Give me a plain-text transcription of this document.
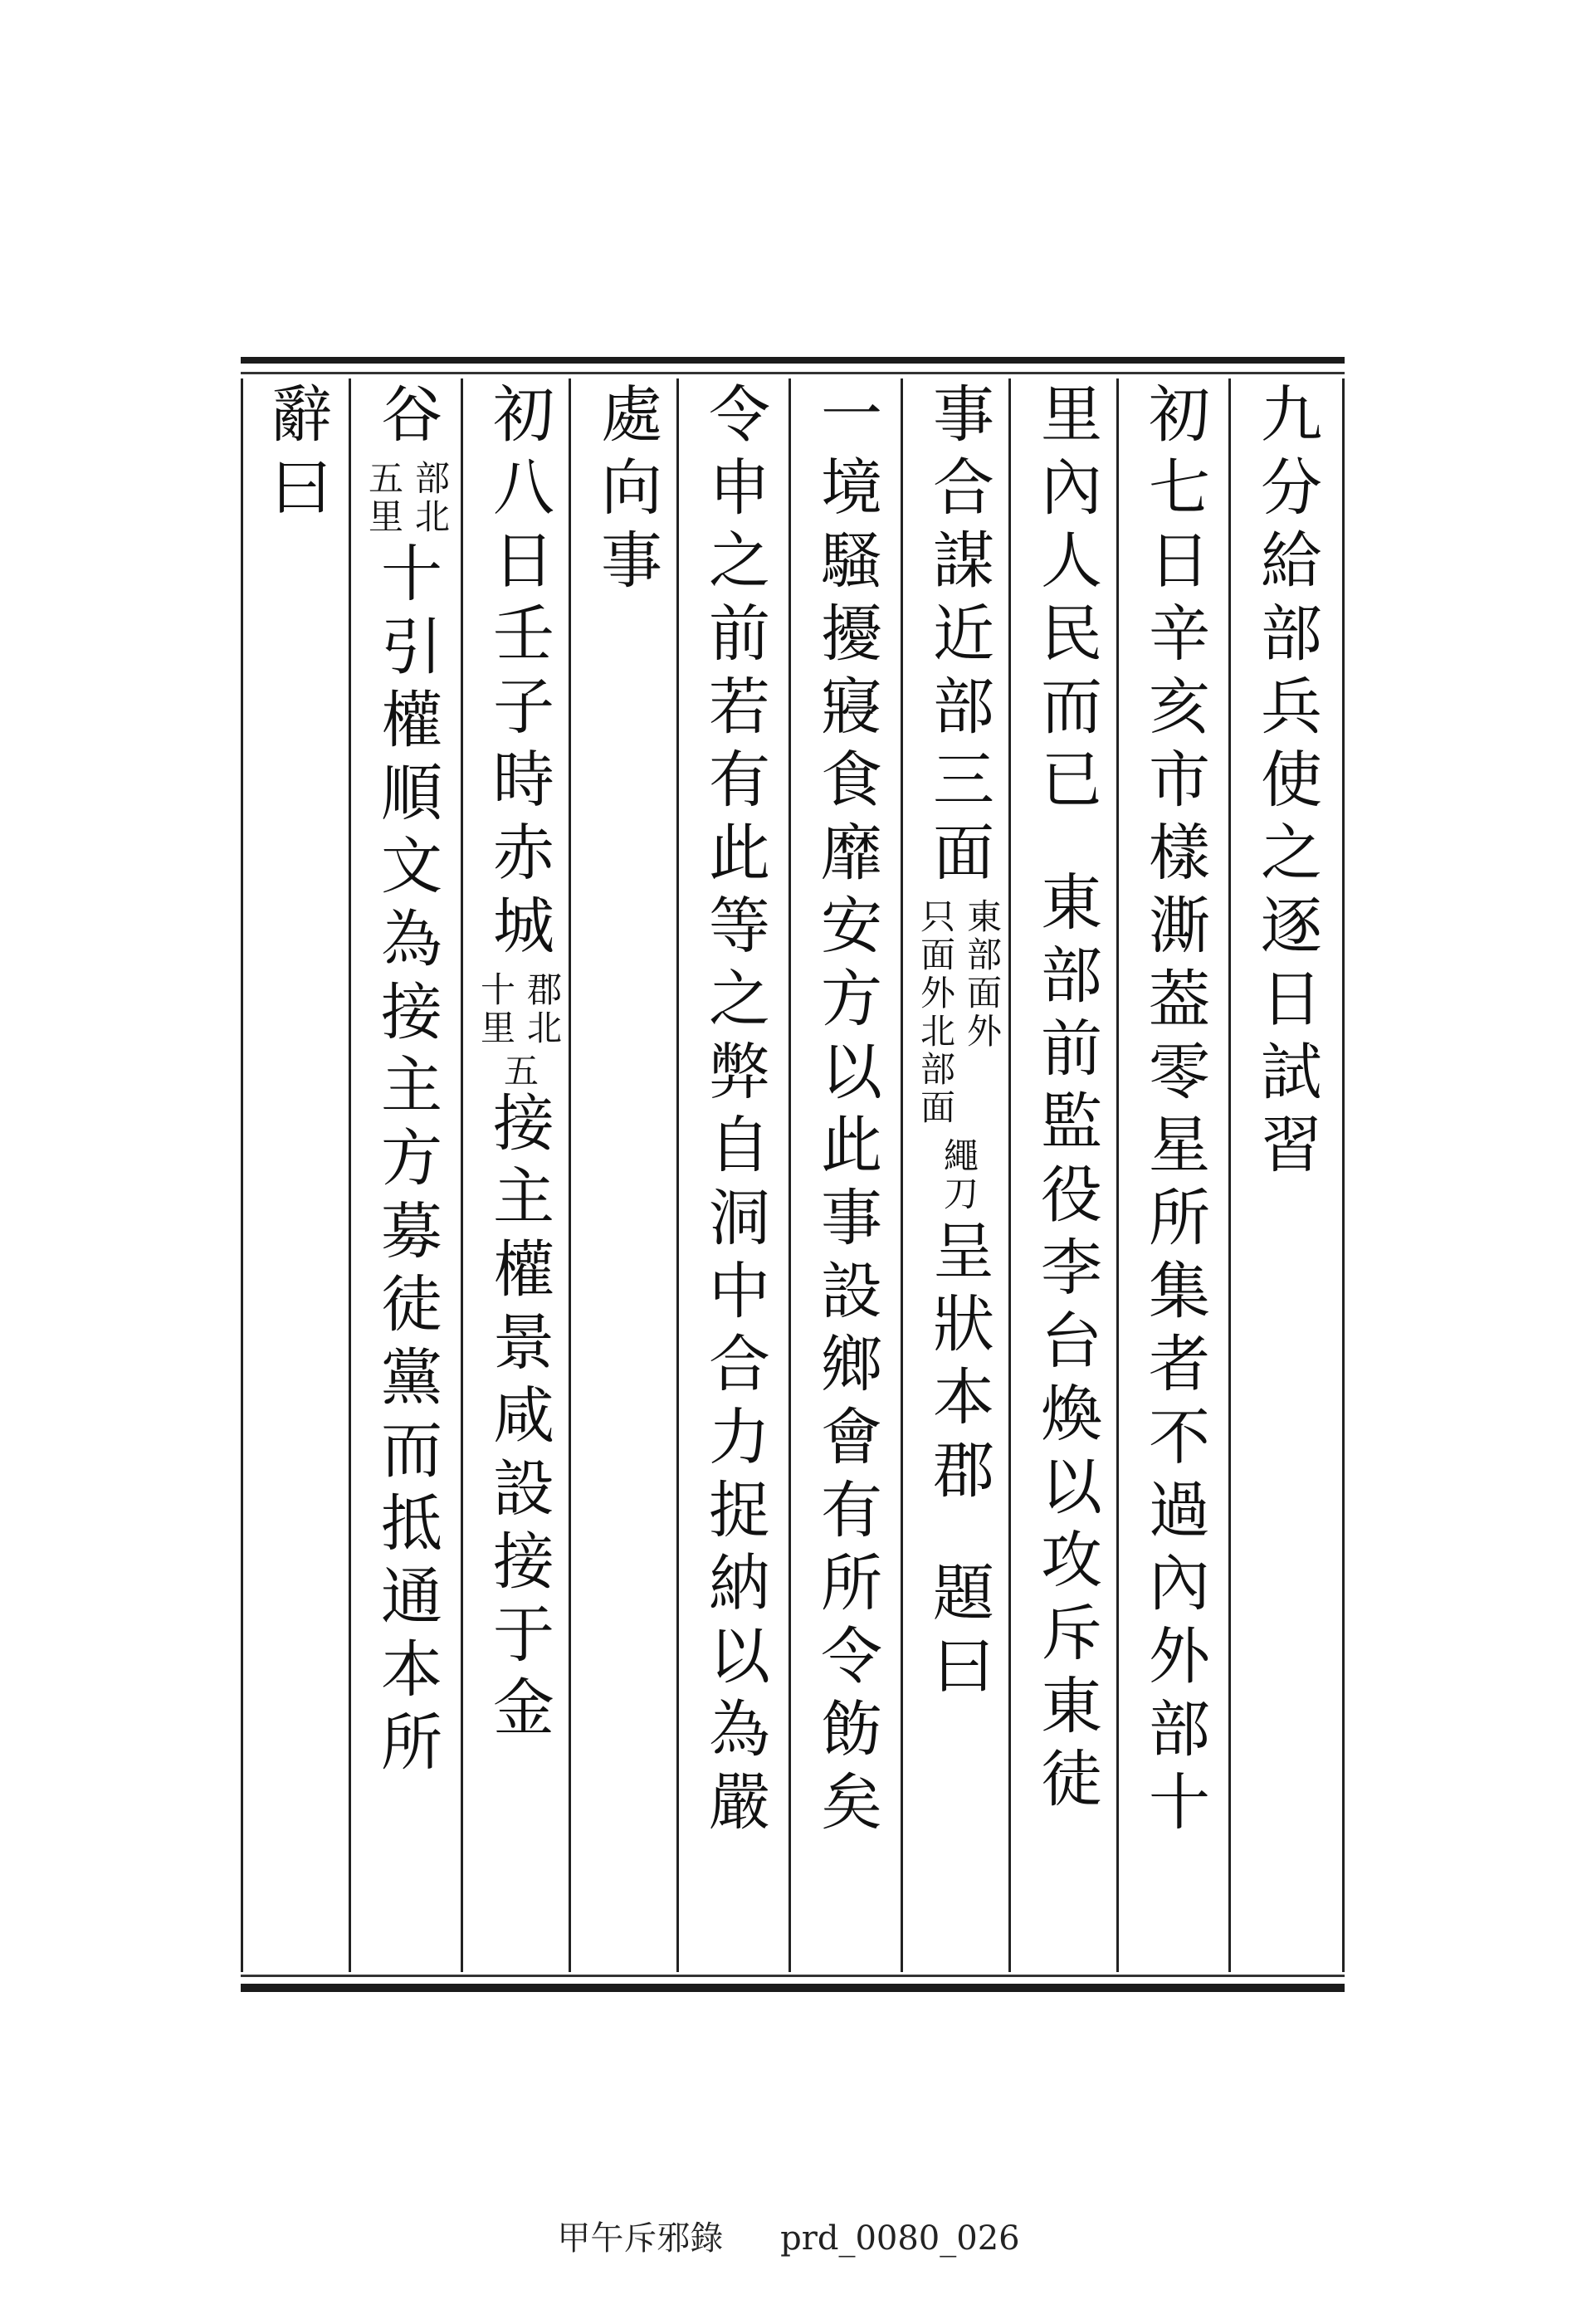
九分給部兵使之逐日試習
初七日辛亥市樣澌葢零星所集者不過內外部十
里內人民而已
東部前監役李台煥以攻斥東徒
事合謀近部三面
東部面外
只面外北部面
繩刀
呈狀本郡
題曰
一境騷擾寢食靡安方以此事設鄉會有所令飭矣
令申之前若有此等之弊自洞中合力捉納以為嚴
處向事
初八日壬子時赤城
郡北
十里
五
接主權景咸設接于金
谷
部北
五里
十引權順文為接主方募徒黨而抵通本所
辭曰
甲午斥邪錄 prd_0080_026
